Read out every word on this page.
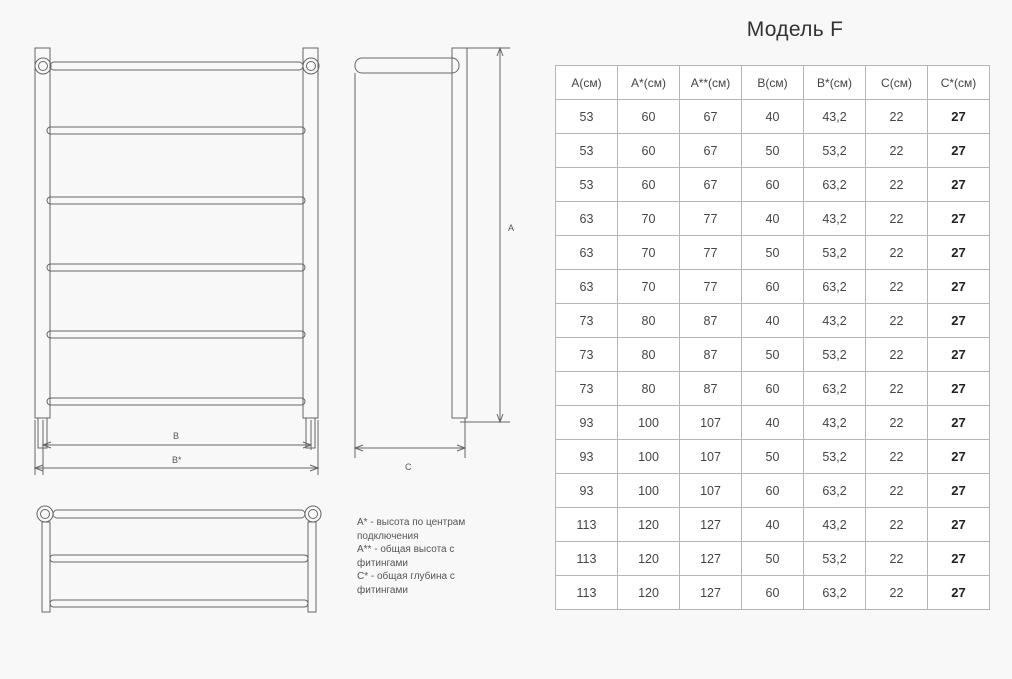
B
B*
A
C
Модель F
A(см)	A*(см)	A**(см)	B(см)	B*(см)	C(см)	C*(см)
53	60	67	40	43,2	22	27
53	60	67	50	53,2	22	27
53	60	67	60	63,2	22	27
63	70	77	40	43,2	22	27
63	70	77	50	53,2	22	27
63	70	77	60	63,2	22	27
73	80	87	40	43,2	22	27
73	80	87	50	53,2	22	27
73	80	87	60	63,2	22	27
93	100	107	40	43,2	22	27
93	100	107	50	53,2	22	27
93	100	107	60	63,2	22	27
113	120	127	40	43,2	22	27
113	120	127	50	53,2	22	27
113	120	127	60	63,2	22	27
A* - высота по центрам
подключения
A** - общая высота с
фитингами
C* - общая глубина с
фитингами
